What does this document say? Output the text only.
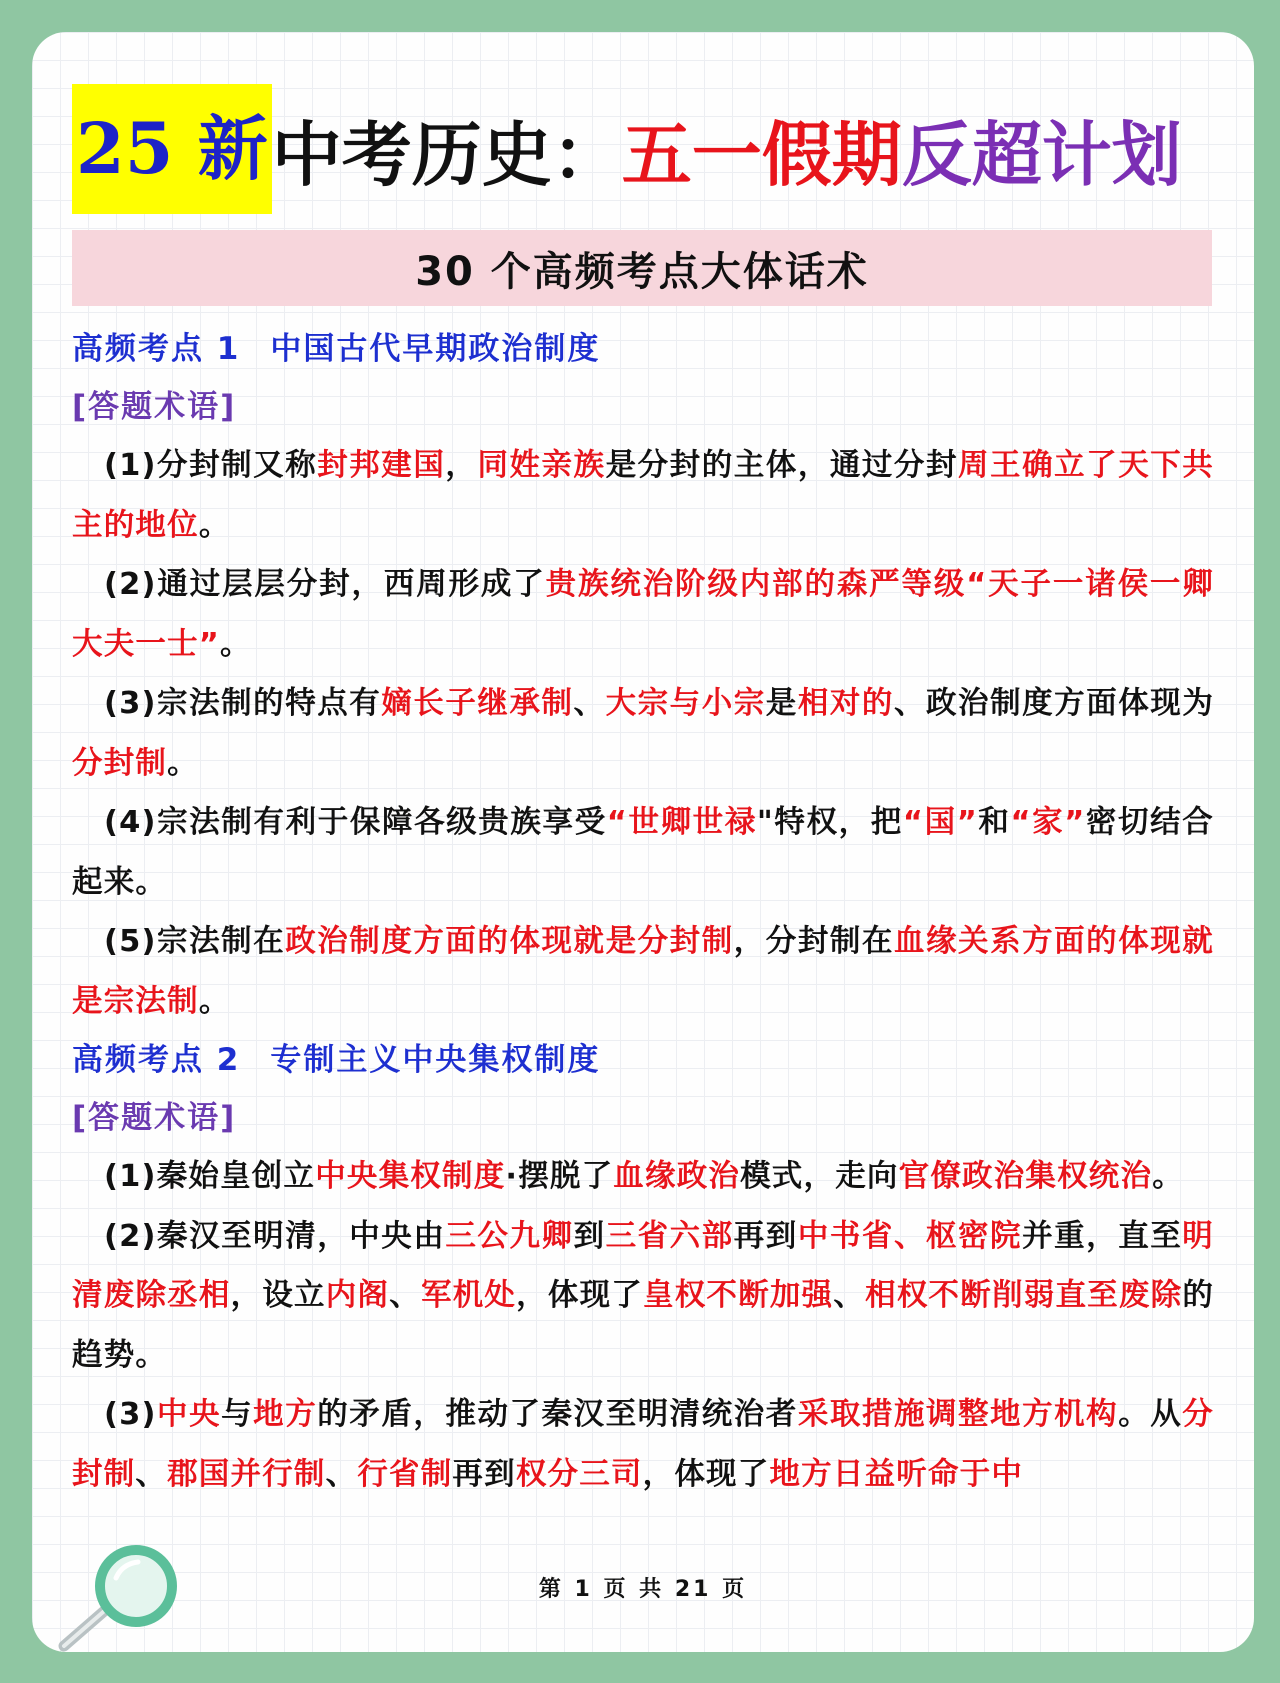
25 新 中考历史： 五一假期 反超计划
30 个高频考点大体话术
高频考点 1 中国古代早期政治制度
[答题术语]
(1)分封制又称封邦建国，同姓亲族是分封的主体，通过分封周王确立了天下共主的地位。
(2)通过层层分封，西周形成了贵族统治阶级内部的森严等级“天子一诸侯一卿大夫一士”。
(3)宗法制的特点有嫡长子继承制、大宗与小宗是相对的、政治制度方面体现为分封制。
(4)宗法制有利于保障各级贵族享受“世卿世禄"特权，把“国”和“家”密切结合起来。
(5)宗法制在政治制度方面的体现就是分封制，分封制在血缘关系方面的体现就是宗法制。
高频考点 2 专制主义中央集权制度
[答题术语]
(1)秦始皇创立中央集权制度·摆脱了血缘政治模式，走向官僚政治集权统治。
(2)秦汉至明清，中央由三公九卿到三省六部再到中书省、枢密院并重，直至明清废除丞相，设立内阁、军机处，体现了皇权不断加强、相权不断削弱直至废除的趋势。
(3)中央与地方的矛盾，推动了秦汉至明清统治者采取措施调整地方机构。从分封制、郡国并行制、行省制再到权分三司，体现了地方日益听命于中
第 1 页 共 21 页
